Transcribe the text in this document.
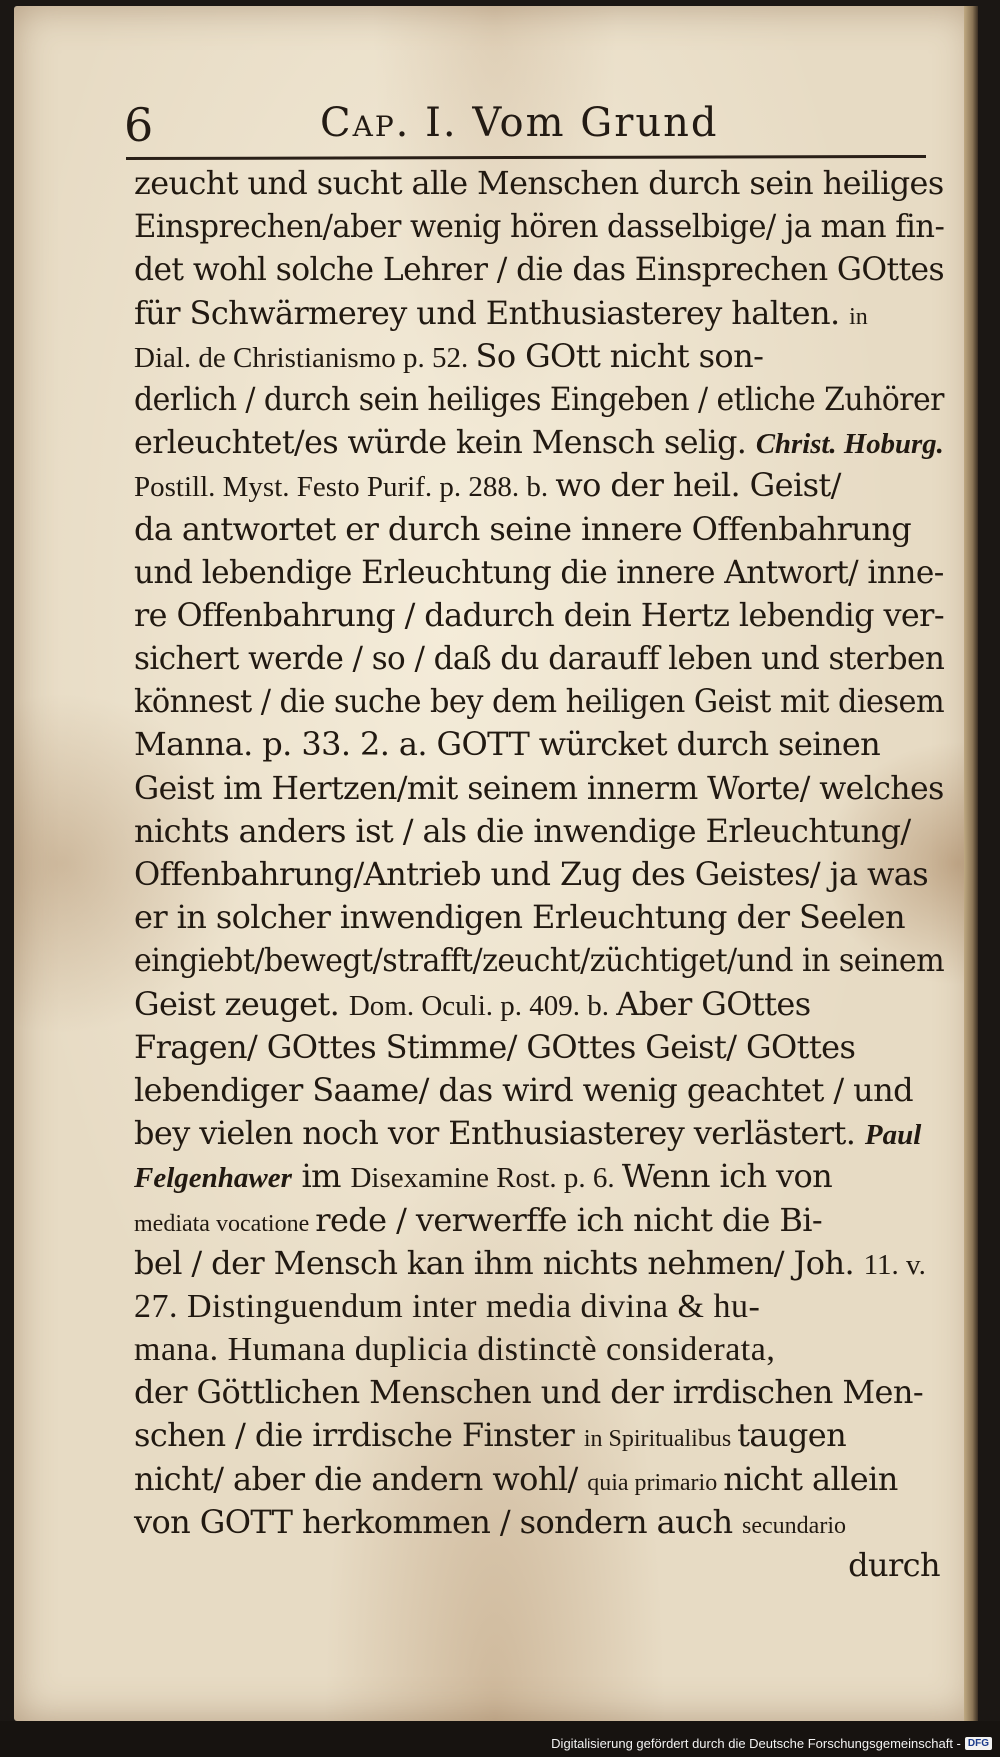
6	Cap. I. Vom Grund
zeucht und sucht alle Menschen durch sein heiliges
Einsprechen/aber wenig hören dasselbige/ ja man fin-
det wohl solche Lehrer / die das Einsprechen GOttes
für Schwärmerey und Enthusiasterey halten. in
Dial. de Christianismo p. 52. So GOtt nicht son-
derlich / durch sein heiliges Eingeben / etliche Zuhörer
erleuchtet/es würde kein Mensch selig. Christ. Hoburg.
Postill. Myst. Festo Purif. p. 288. b. wo der heil. Geist/
da antwortet er durch seine innere Offenbahrung
und lebendige Erleuchtung die innere Antwort/ inne-
re Offenbahrung / dadurch dein Hertz lebendig ver-
sichert werde / so / daß du darauff leben und sterben
könnest / die suche bey dem heiligen Geist mit diesem
Manna. p. 33. 2. a. GOTT würcket durch seinen
Geist im Hertzen/mit seinem innerm Worte/ welches
nichts anders ist / als die inwendige Erleuchtung/
Offenbahrung/Antrieb und Zug des Geistes/ ja was
er in solcher inwendigen Erleuchtung der Seelen
eingiebt/bewegt/strafft/zeucht/züchtiget/und in seinem
Geist zeuget. Dom. Oculi. p. 409. b. Aber GOttes
Fragen/ GOttes Stimme/ GOttes Geist/ GOttes
lebendiger Saame/ das wird wenig geachtet / und
bey vielen noch vor Enthusiasterey verlästert. Paul
Felgenhawer im Disexamine Rost. p. 6. Wenn ich von
mediata vocatione rede / verwerffe ich nicht die Bi-
bel / der Mensch kan ihm nichts nehmen/ Joh. 11. v.
27. Distinguendum inter media divina & hu-
mana. Humana duplicia distinctè considerata,
der Göttlichen Menschen und der irrdischen Men-
schen / die irrdische Finster in Spiritualibus taugen
nicht/ aber die andern wohl/ quia primario nicht allein
von GOTT herkommen / sondern auch secundario
durch
Digitalisierung gefördert durch die Deutsche Forschungsgemeinschaft - DFG
